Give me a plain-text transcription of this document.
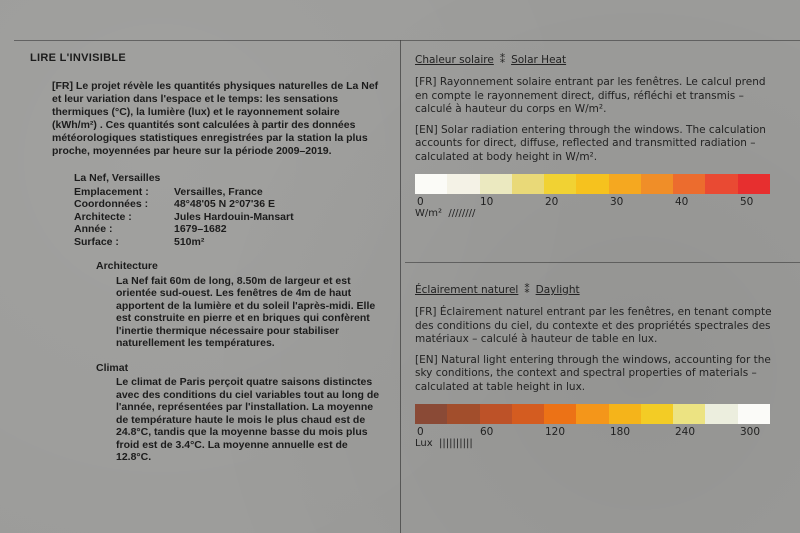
LIRE L'INVISIBLE
[FR] Le projet révèle les quantités physiques naturelles de La Nef et leur variation dans l'espace et le temps: les sensations thermiques (°C), la lumière (lux) et le rayonnement solaire (kWh/m²) . Ces quantités sont calculées à partir des données météorologiques statistiques enregistrées par la station la plus proche, moyennées par heure sur la période 2009–2019.
La Nef, Versailles
Emplacement :	Versailles, France
Coordonnées :	48°48'05 N 2°07'36 E
Architecte :	Jules Hardouin-Mansart
Année :	1679–1682
Surface :	510m²
Architecture
La Nef fait 60m de long, 8.50m de largeur et est orientée sud-ouest. Les fenêtres de 4m de haut apportent de la lumière et du soleil l'après-midi. Elle est construite en pierre et en briques qui confèrent l'inertie thermique nécessaire pour stabiliser naturellement les températures.
Climat
Le climat de Paris perçoit quatre saisons distinctes avec des conditions du ciel variables tout au long de l'année, représentées par l'installation. La moyenne de température haute le mois le plus chaud est de 24.8°C, tandis que la moyenne basse du mois plus froid est de 3.4°C. La moyenne annuelle est de 12.8°C.
Chaleur solaire ⁑ Solar Heat
[FR] Rayonnement solaire entrant par les fenêtres. Le calcul prend en compte le rayonnement direct, diffus, réfléchi et transmis – calculé à hauteur du corps en W/m².
[EN] Solar radiation entering through the windows. The calculation accounts for direct, diffuse, reflected and transmitted radiation – calculated at body height in W/m².
0	10	20	30	40	50
W/m² ////////
Éclairement naturel ⁑ Daylight
[FR] Éclairement naturel entrant par les fenêtres, en tenant compte des conditions du ciel, du contexte et des propriétés spectrales des matériaux – calculé à hauteur de table en lux.
[EN] Natural light entering through the windows, accounting for the sky conditions, the context and spectral properties of materials – calculated at table height in lux.
0	60	120	180	240	300
Lux ||||||||||
